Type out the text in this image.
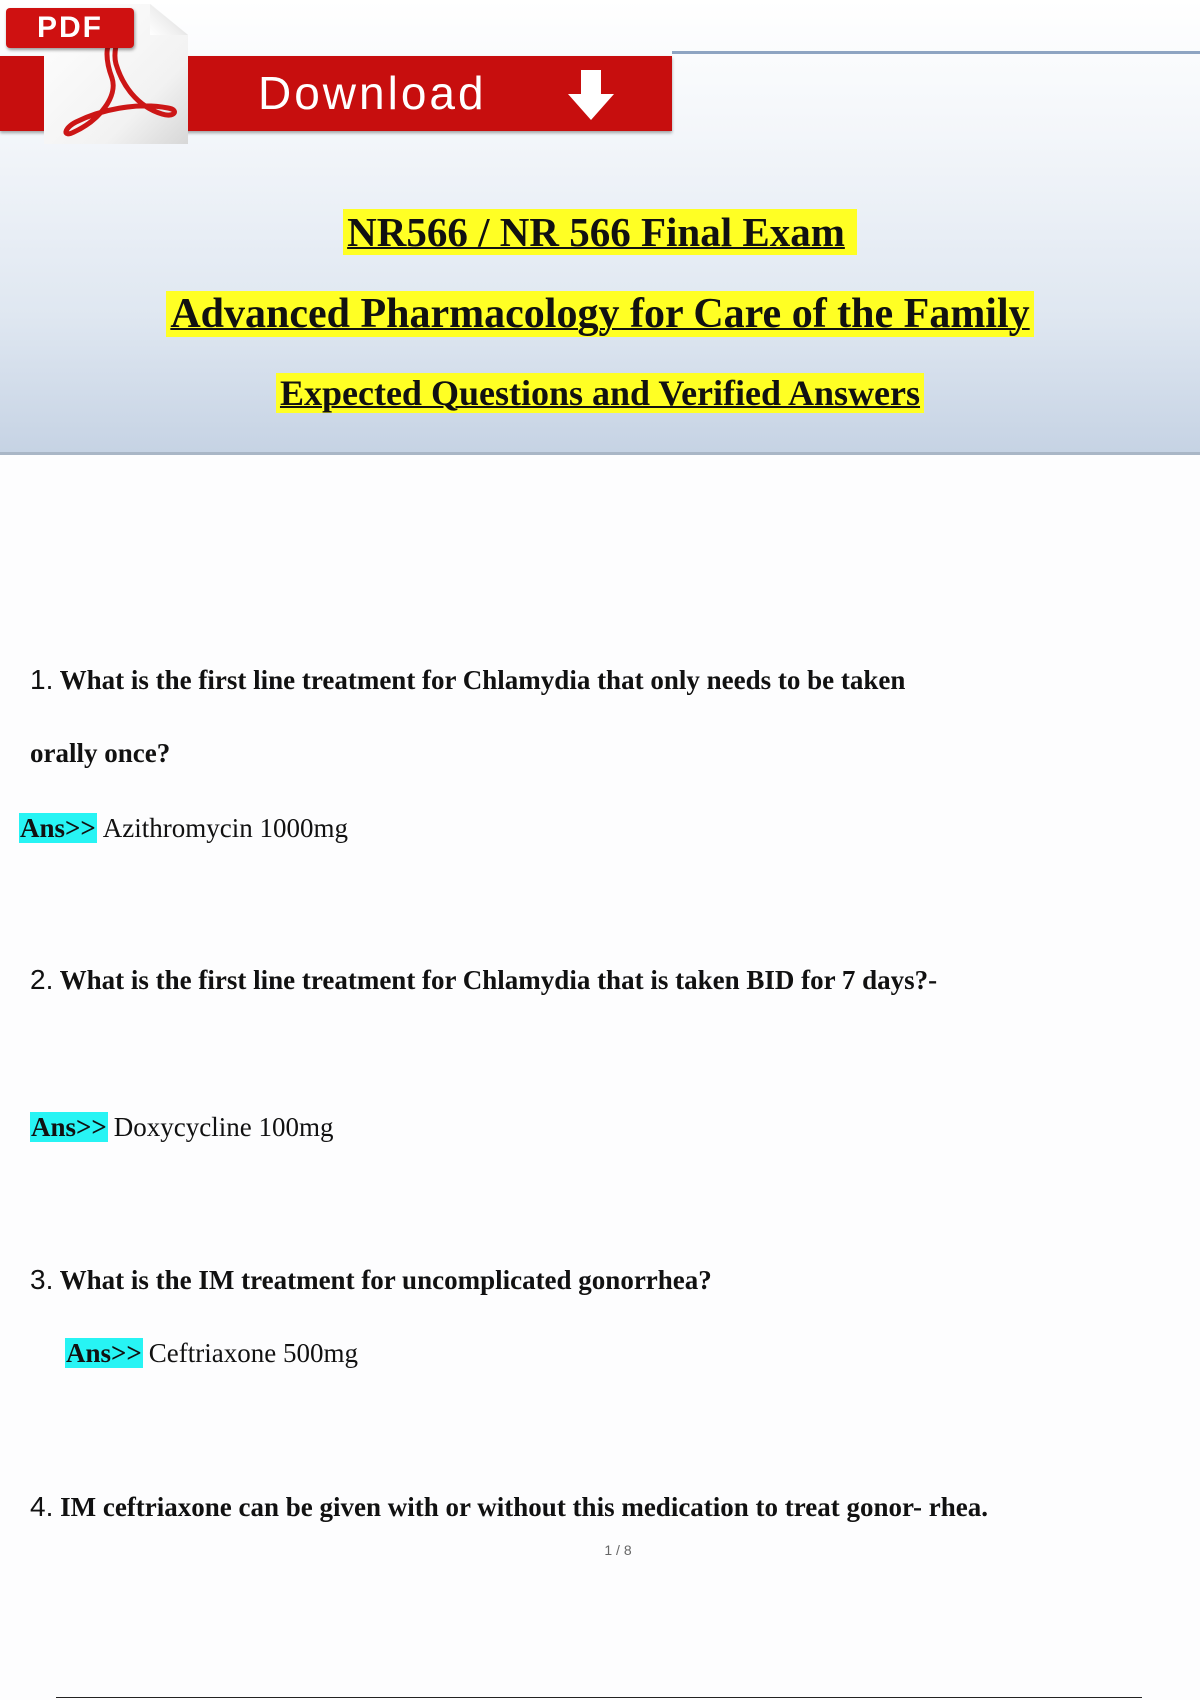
Download
PDF
NR566 / NR 566 Final Exam
Advanced Pharmacology for Care of the Family
Expected Questions and Verified Answers
1. What is the first line treatment for Chlamydia that only needs to be taken
orally once?
Ans>> Azithromycin 1000mg
2. What is the first line treatment for Chlamydia that is taken BID for 7 days?-
Ans>> Doxycycline 100mg
3. What is the IM treatment for uncomplicated gonorrhea?
Ans>> Ceftriaxone 500mg
4. IM ceftriaxone can be given with or without this medication to treat gonor- rhea.
1 / 8
